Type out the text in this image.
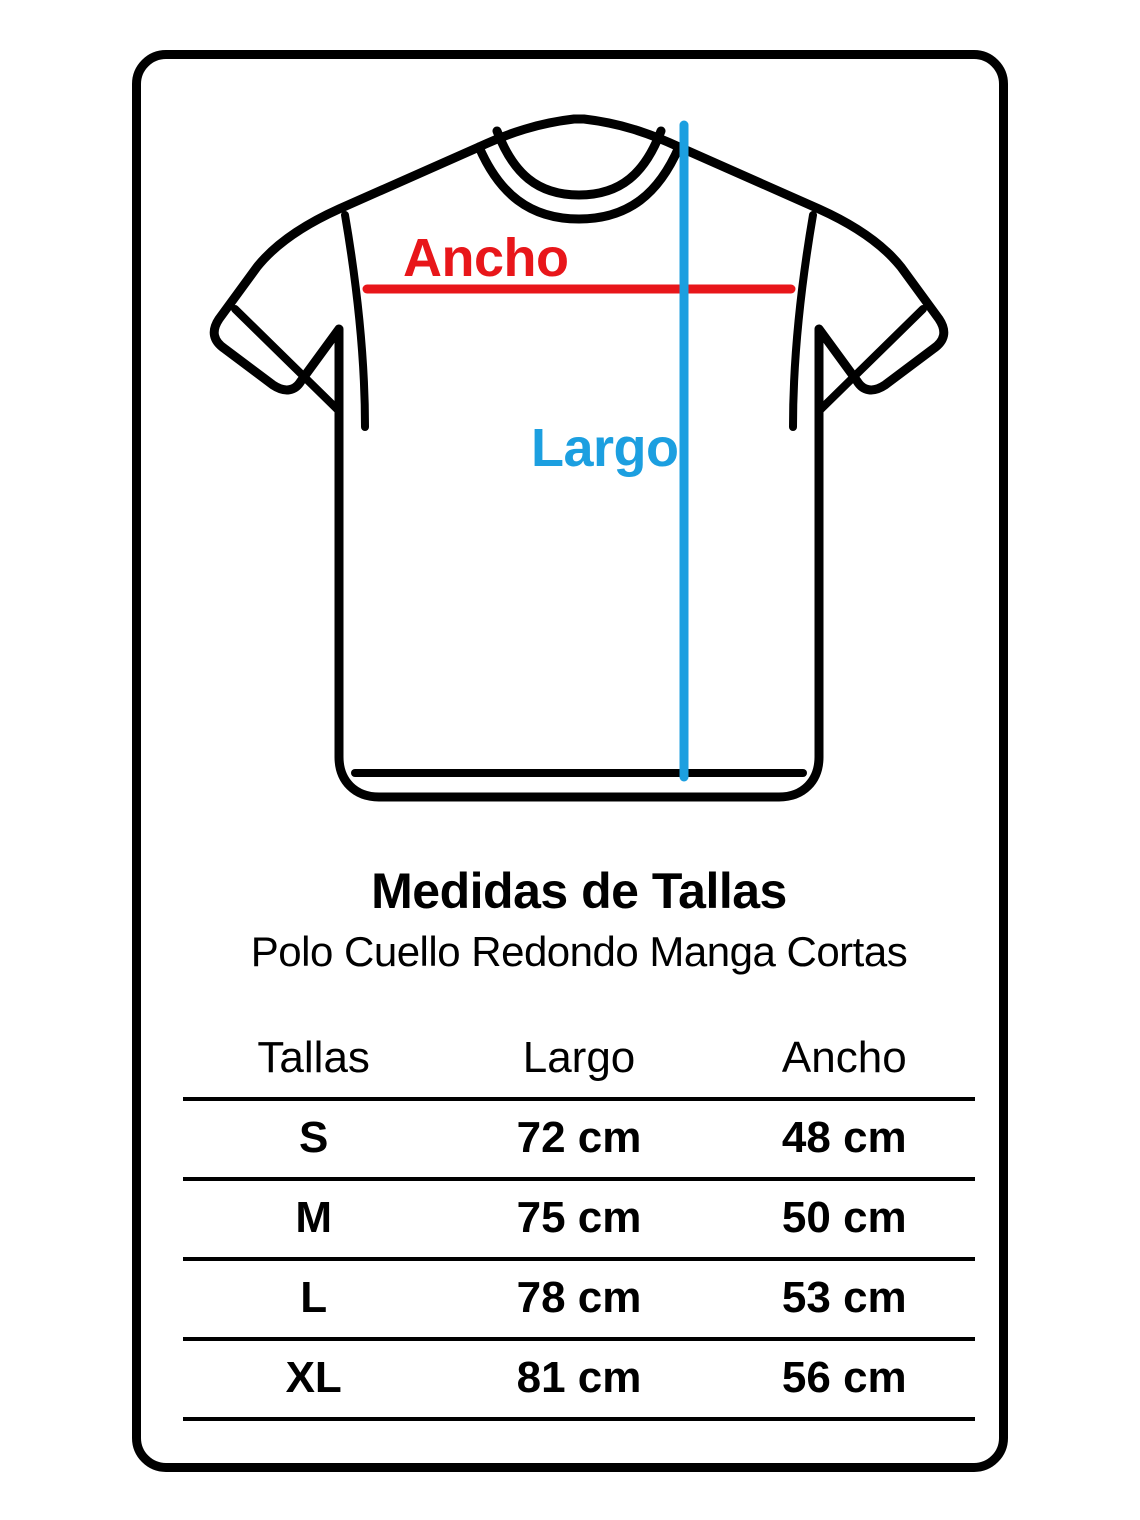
Ancho
Largo
Medidas de Tallas
Polo Cuello Redondo Manga Cortas
Tallas	Largo	Ancho
S	72 cm	48 cm
M	75 cm	50 cm
L	78 cm	53 cm
XL	81 cm	56 cm
